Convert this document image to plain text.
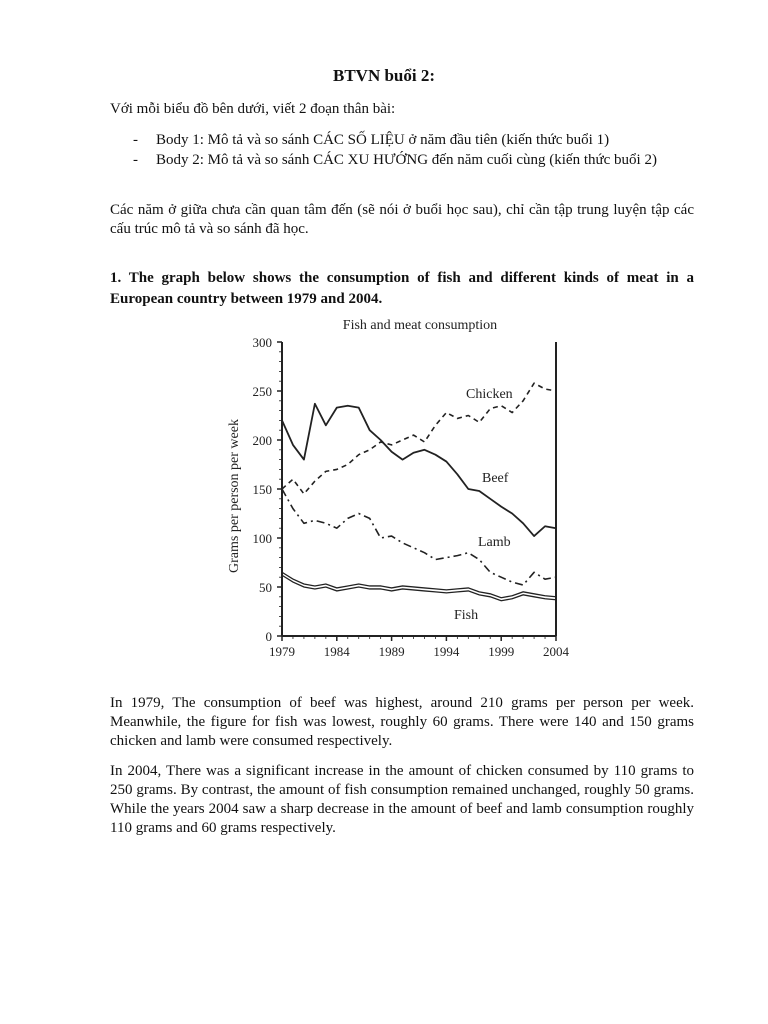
BTVN buổi 2:

Với mỗi biểu đồ bên dưới, viết 2 đoạn thân bài:

- Body 1: Mô tả và so sánh CÁC SỐ LIỆU ở năm đầu tiên (kiến thức buổi 1)

- Body 2: Mô tả và so sánh CÁC XU HƯỚNG đến năm cuối cùng (kiến thức buổi 2)

Các năm ở giữa chưa cần quan tâm đến (sẽ nói ở buổi học sau), chỉ cần tập trung luyện tập các cấu trúc mô tả và so sánh đã học.

1. The graph below shows the consumption of fish and different kinds of meat in a European country between 1979 and 2004.

Fish and meat consumption
Grams per person per week
0
50
100
150
200
250
300
1979 1984 1989 1994 1999 2004
Chicken
Beef
Lamb
Fish

In 1979, The consumption of beef was highest, around 210 grams per person per week. Meanwhile, the figure for fish was lowest, roughly 60 grams. There were 140 and 150 grams chicken and lamb were consumed respectively.

In 2004, There was a significant increase in the amount of chicken consumed by 110 grams to 250 grams. By contrast, the amount of fish consumption remained unchanged, roughly 50 grams. While the years 2004 saw a sharp decrease in the amount of beef and lamb consumption roughly 110 grams and 60 grams respectively.
